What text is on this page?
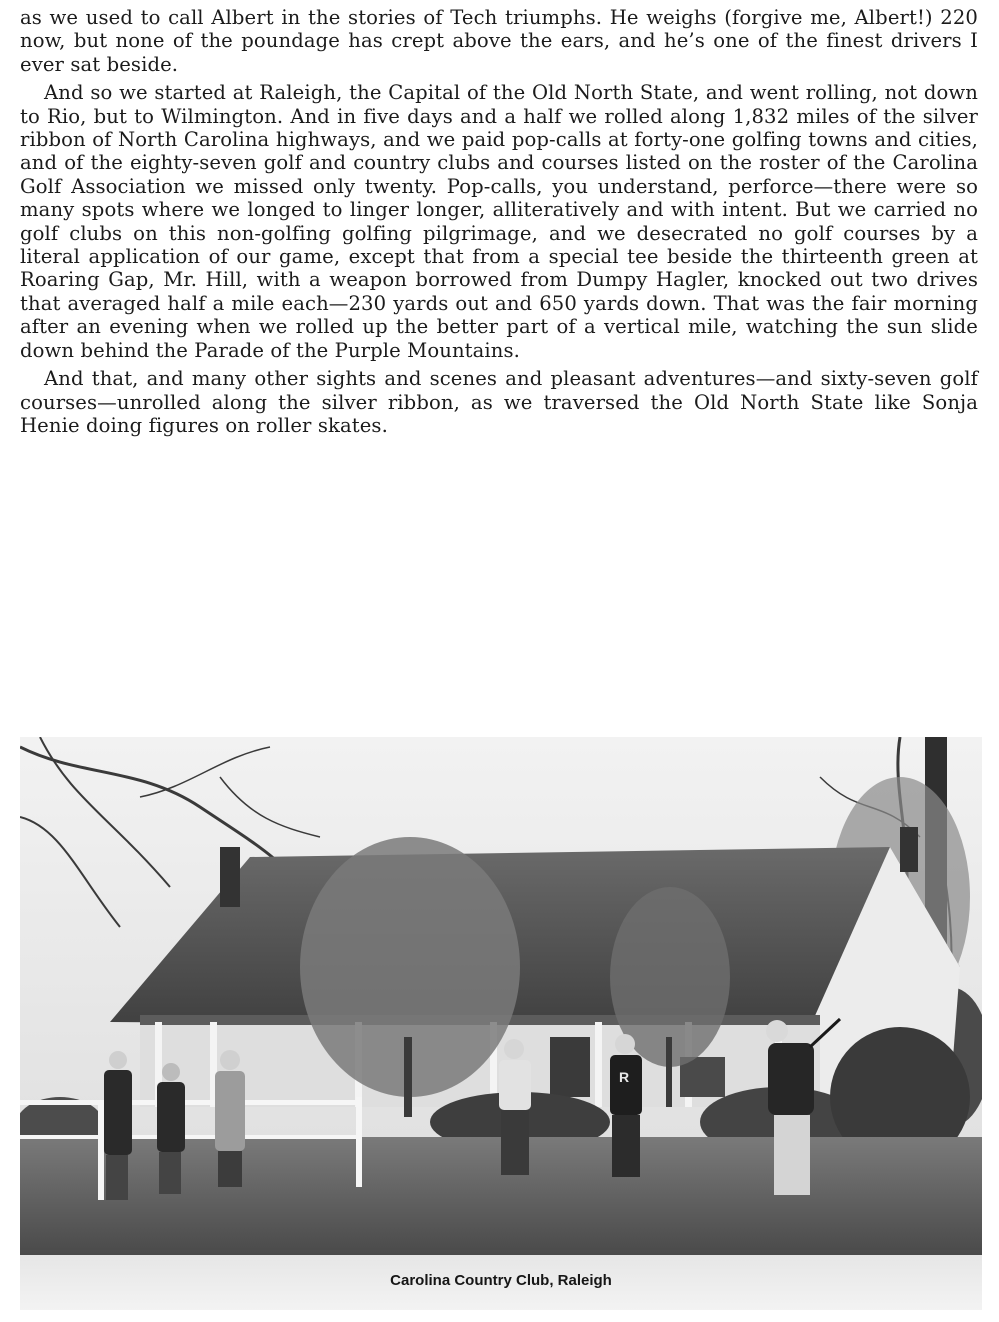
as we used to call Albert in the stories of Tech triumphs. He weighs (forgive me, Albert!) 220 now, but none of the poundage has crept above the ears, and he’s one of the finest drivers I ever sat beside.

And so we started at Raleigh, the Capital of the Old North State, and went rolling, not down to Rio, but to Wilmington. And in five days and a half we rolled along 1,832 miles of the silver ribbon of North Carolina highways, and we paid pop-calls at forty-one golfing towns and cities, and of the eighty-seven golf and country clubs and courses listed on the roster of the Carolina Golf Association we missed only twenty. Pop-calls, you understand, perforce—there were so many spots where we longed to linger longer, alliteratively and with intent. But we carried no golf clubs on this non-golfing golfing pilgrimage, and we desecrated no golf courses by a literal application of our game, except that from a special tee beside the thirteenth green at Roaring Gap, Mr. Hill, with a weapon borrowed from Dumpy Hagler, knocked out two drives that averaged half a mile each—230 yards out and 650 yards down. That was the fair morning after an evening when we rolled up the better part of a vertical mile, watching the sun slide down behind the Parade of the Purple Mountains.

And that, and many other sights and scenes and pleasant adventures—and sixty-seven golf courses—unrolled along the silver ribbon, as we traversed the Old North State like Sonja Henie doing figures on roller skates.

R
Carolina Country Club, Raleigh
